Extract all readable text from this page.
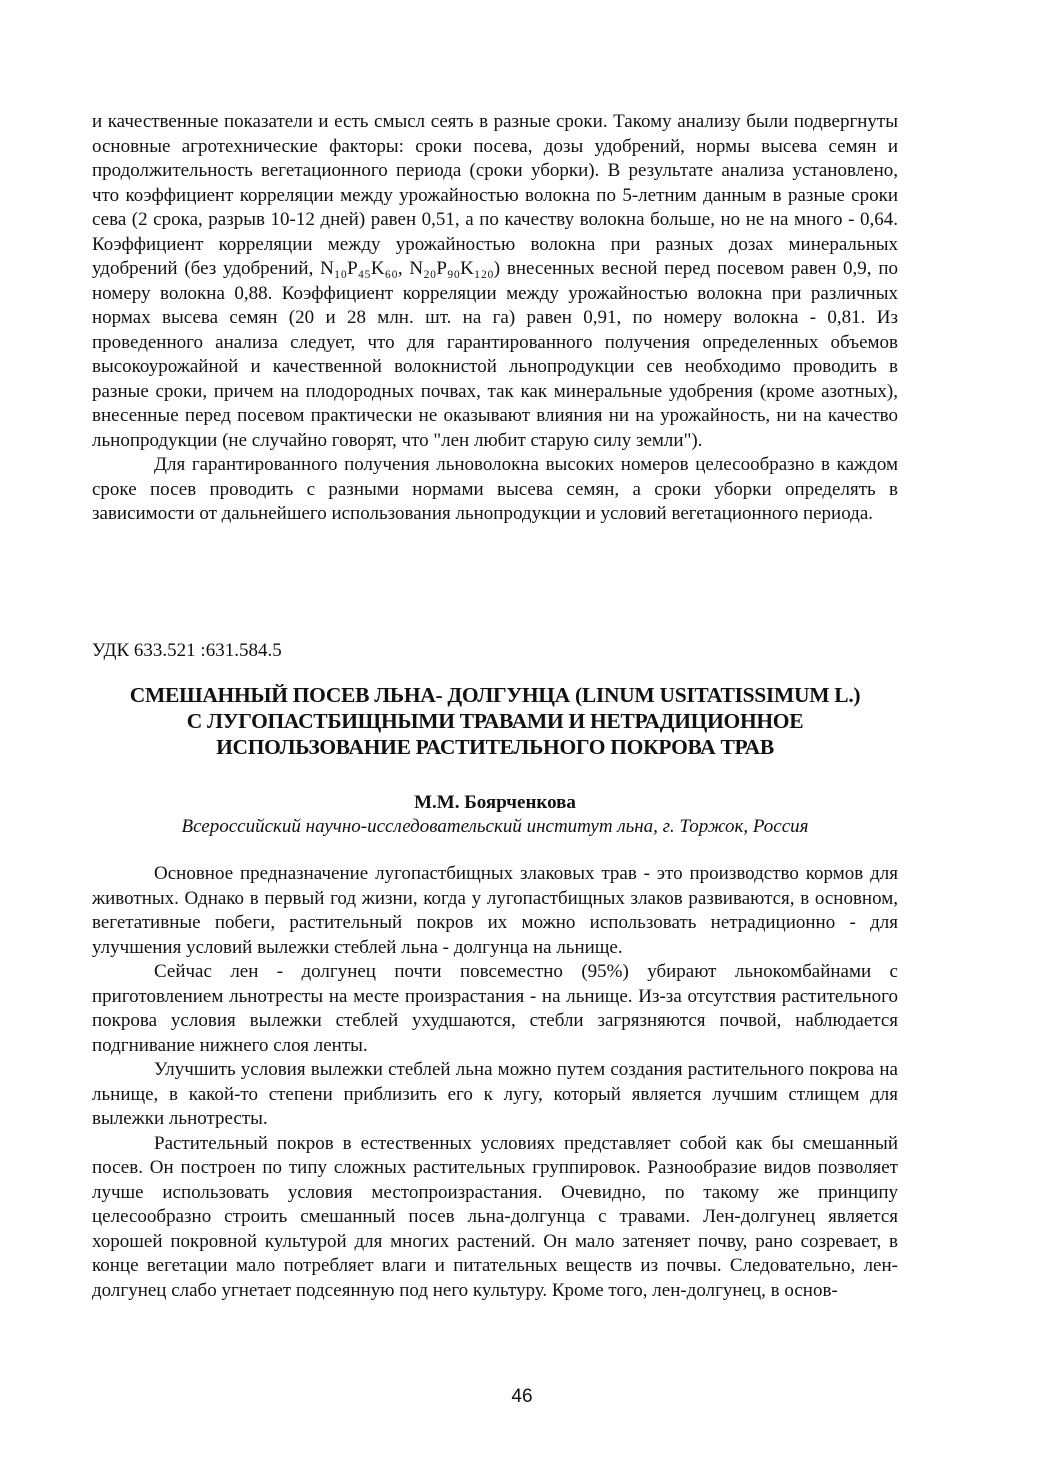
и качественные показатели и есть смысл сеять в разные сроки. Такому анализу были подвергнуты основные агротехнические факторы: сроки посева, дозы удобрений, нормы высева семян и продолжительность вегетационного периода (сроки уборки). В результате анализа установлено, что коэффициент корреляции между урожайностью волокна по 5-летним данным в разные сроки сева (2 срока, разрыв 10-12 дней) равен 0,51, а по качеству волокна больше, но не на много - 0,64. Коэффициент корреляции между урожайностью волокна при разных дозах минеральных удобрений (без удобрений, N₁₀P₄₅K₆₀, N₂₀P₉₀K₁₂₀) внесенных весной перед посевом равен 0,9, по номеру волокна 0,88. Коэффициент корреляции между урожайностью волокна при различных нормах высева семян (20 и 28 млн. шт. на га) равен 0,91, по номеру волокна - 0,81. Из проведенного анализа следует, что для гарантированного получения определенных объемов высокоурожайной и качественной волокнистой льнопродукции сев необходимо проводить в разные сроки, причем на плодородных почвах, так как минеральные удобрения (кроме азотных), внесенные перед посевом практически не оказывают влияния ни на урожайность, ни на качество льнопродукции (не случайно говорят, что "лен любит старую силу земли").

Для гарантированного получения льноволокна высоких номеров целесообразно в каждом сроке посев проводить с разными нормами высева семян, а сроки уборки определять в зависимости от дальнейшего использования льнопродукции и условий вегетационного периода.

УДК 633.521 :631.584.5
СМЕШАННЫЙ ПОСЕВ ЛЬНА- ДОЛГУНЦА (LINUM USITATISSIMUM L.)
С ЛУГОПАСТБИЩНЫМИ ТРАВАМИ И НЕТРАДИЦИОННОЕ
ИСПОЛЬЗОВАНИЕ РАСТИТЕЛЬНОГО ПОКРОВА ТРАВ
М.М. Боярченкова
Всероссийский научно-исследовательский институт льна, г. Торжок, Россия

Основное предназначение лугопастбищных злаковых трав - это производство кормов для животных. Однако в первый год жизни, когда у лугопастбищных злаков развиваются, в основном, вегетативные побеги, растительный покров их можно использовать нетрадиционно - для улучшения условий вылежки стеблей льна - долгунца на льнище.

Сейчас лен - долгунец почти повсеместно (95%) убирают льнокомбайнами с приготовлением льнотресты на месте произрастания - на льнище. Из-за отсутствия растительного покрова условия вылежки стеблей ухудшаются, стебли загрязняются почвой, наблюдается подгнивание нижнего слоя ленты.

Улучшить условия вылежки стеблей льна можно путем создания растительного покрова на льнище, в какой-то степени приблизить его к лугу, который является лучшим стлищем для вылежки льнотресты.

Растительный покров в естественных условиях представляет собой как бы смешанный посев. Он построен по типу сложных растительных группировок. Разнообразие видов позволяет лучше использовать условия местопроизрастания. Очевидно, по такому же принципу целесообразно строить смешанный посев льна-долгунца с травами. Лен-долгунец является хорошей покровной культурой для многих растений. Он мало затеняет почву, рано созревает, в конце вегетации мало потребляет влаги и питательных веществ из почвы. Следовательно, лен-долгунец слабо угнетает подсеянную под него культуру. Кроме того, лен-долгунец, в основ-

46
